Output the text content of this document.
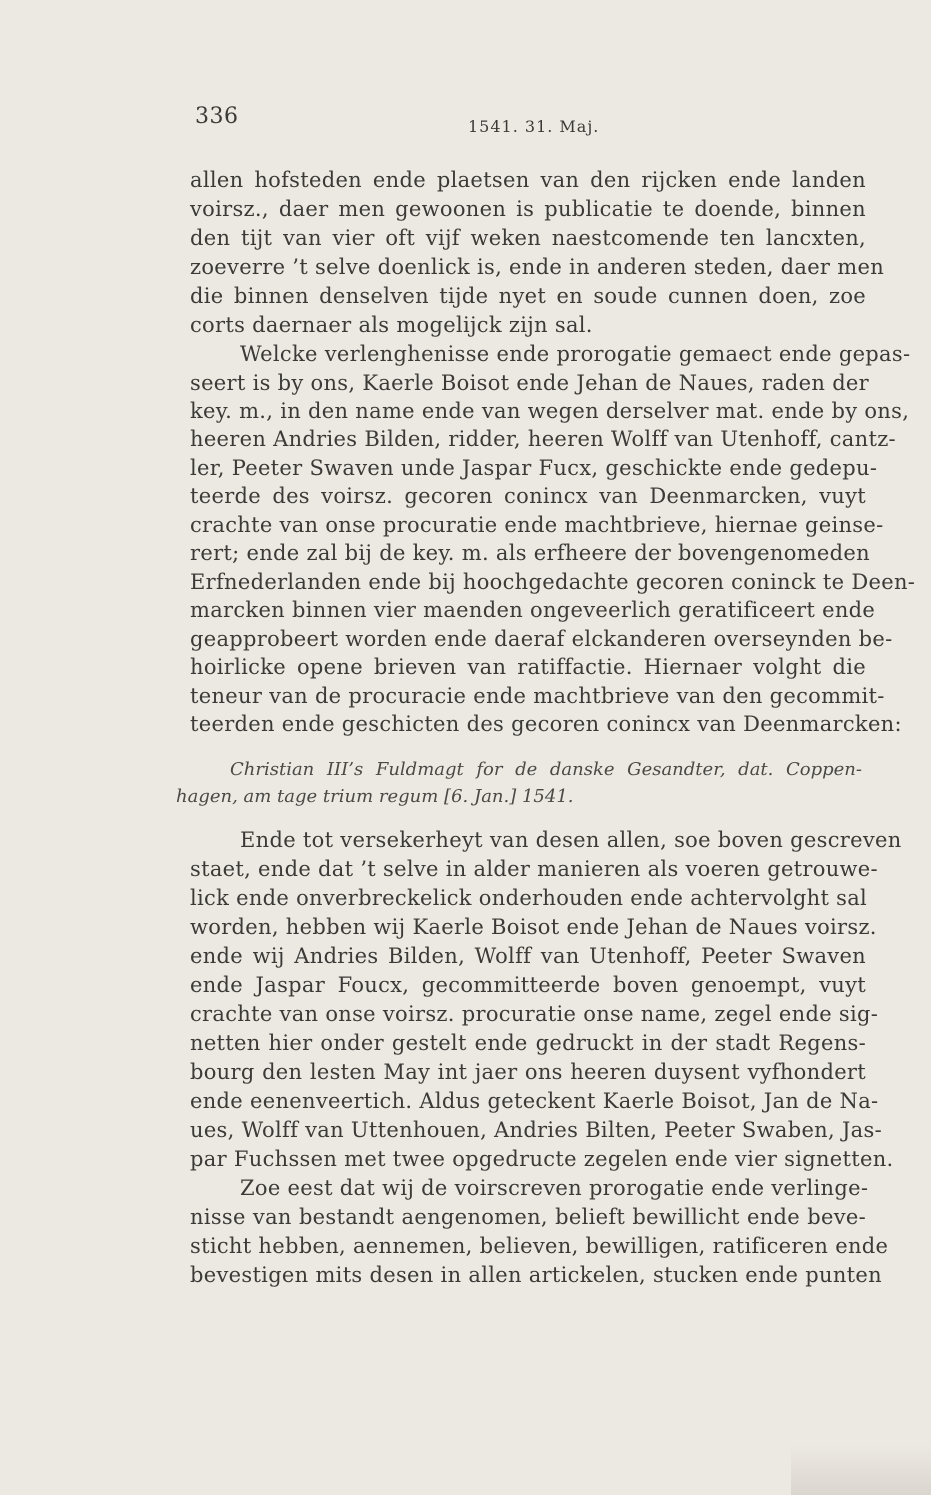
336	1541. 31. Maj.
allen hofsteden ende plaetsen van den rijcken ende landen
voirsz., daer men gewoonen is publicatie te doende, binnen
den tijt van vier oft vijf weken naestcomende ten lancxten,
zoeverre ’t selve doenlick is, ende in anderen steden, daer men
die binnen denselven tijde nyet en soude cunnen doen, zoe
corts daernaer als mogelijck zijn sal.
Welcke verlenghenisse ende prorogatie gemaect ende gepas-
seert is by ons, Kaerle Boisot ende Jehan de Naues, raden der
key. m., in den name ende van wegen derselver mat. ende by ons,
heeren Andries Bilden, ridder, heeren Wolff van Utenhoff, cantz-
ler, Peeter Swaven unde Jaspar Fucx, geschickte ende gedepu-
teerde des voirsz. gecoren conincx van Deenmarcken, vuyt
crachte van onse procuratie ende machtbrieve, hiernae geinse-
rert; ende zal bij de key. m. als erfheere der bovengenomeden
Erfnederlanden ende bij hoochgedachte gecoren coninck te Deen-
marcken binnen vier maenden ongeveerlich geratificeert ende
geapprobeert worden ende daeraf elckanderen overseynden be-
hoirlicke opene brieven van ratiffactie. Hiernaer volght die
teneur van de procuracie ende machtbrieve van den gecommit-
teerden ende geschicten des gecoren conincx van Deenmarcken:
Christian III’s Fuldmagt for de danske Gesandter, dat. Coppen-
hagen, am tage trium regum [6. Jan.] 1541.
Ende tot versekerheyt van desen allen, soe boven gescreven
staet, ende dat ’t selve in alder manieren als voeren getrouwe-
lick ende onverbreckelick onderhouden ende achtervolght sal
worden, hebben wij Kaerle Boisot ende Jehan de Naues voirsz.
ende wij Andries Bilden, Wolff van Utenhoff, Peeter Swaven
ende Jaspar Foucx, gecommitteerde boven genoempt, vuyt
crachte van onse voirsz. procuratie onse name, zegel ende sig-
netten hier onder gestelt ende gedruckt in der stadt Regens-
bourg den lesten May int jaer ons heeren duysent vyfhondert
ende eenenveertich. Aldus geteckent Kaerle Boisot, Jan de Na-
ues, Wolff van Uttenhouen, Andries Bilten, Peeter Swaben, Jas-
par Fuchssen met twee opgedructe zegelen ende vier signetten.
Zoe eest dat wij de voirscreven prorogatie ende verlinge-
nisse van bestandt aengenomen, belieft bewillicht ende beve-
sticht hebben, aennemen, believen, bewilligen, ratificeren ende
bevestigen mits desen in allen artickelen, stucken ende punten
